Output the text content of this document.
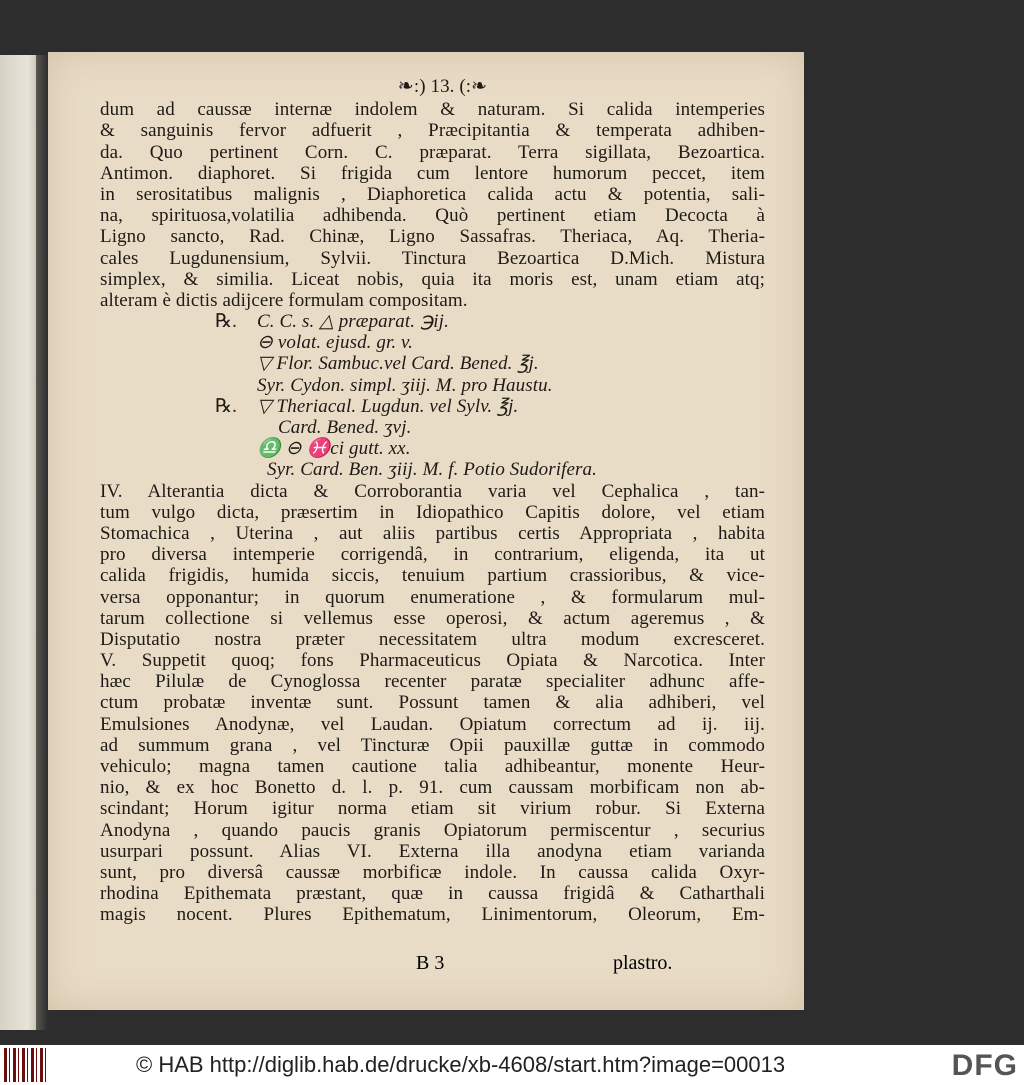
❧:) 13. (:❧
dum ad caussæ internæ indolem & naturam. Si calida intemperies
& sanguinis fervor adfuerit , Præcipitantia & temperata adhiben-
da. Quo pertinent Corn. C. præparat. Terra sigillata, Bezoartica.
Antimon. diaphoret. Si frigida cum lentore humorum peccet, item
in serositatibus malignis , Diaphoretica calida actu & potentia, sali-
na, spirituosa,volatilia adhibenda. Quò pertinent etiam Decocta à
Ligno sancto, Rad. Chinæ, Ligno Sassafras. Theriaca, Aq. Theria-
cales Lugdunensium, Sylvii. Tinctura Bezoartica D.Mich. Mistura
simplex, & similia. Liceat nobis, quia ita moris est, unam etiam atq;
alteram è dictis adijcere formulam compositam.
℞. C. C. s. △ præparat. ℈ij.
⊖ volat. ejusd. gr. v.
▽ Flor. Sambuc.vel Card. Bened. ℥j.
Syr. Cydon. simpl. ʒiij. M. pro Haustu.
℞. ▽ Theriacal. Lugdun. vel Sylv. ℥j.
Card. Bened. ʒvj.
♎ ⊖ ♓ci gutt. xx.
Syr. Card. Ben. ʒiij. M. f. Potio Sudorifera.
IV. Alterantia dicta & Corroborantia varia vel Cephalica , tan-
tum vulgo dicta, præsertim in Idiopathico Capitis dolore, vel etiam
Stomachica , Uterina , aut aliis partibus certis Appropriata , habita
pro diversa intemperie corrigendâ, in contrarium, eligenda, ita ut
calida frigidis, humida siccis, tenuium partium crassioribus, & vice-
versa opponantur; in quorum enumeratione , & formularum mul-
tarum collectione si vellemus esse operosi, & actum ageremus , &
Disputatio nostra præter necessitatem ultra modum excresceret.
V. Suppetit quoq; fons Pharmaceuticus Opiata & Narcotica. Inter
hæc Pilulæ de Cynoglossa recenter paratæ specialiter adhunc affe-
ctum probatæ inventæ sunt. Possunt tamen & alia adhiberi, vel
Emulsiones Anodynæ, vel Laudan. Opiatum correctum ad ij. iij.
ad summum grana , vel Tincturæ Opii pauxillæ guttæ in commodo
vehiculo; magna tamen cautione talia adhibeantur, monente Heur-
nio, & ex hoc Bonetto d. l. p. 91. cum caussam morbificam non ab-
scindant; Horum igitur norma etiam sit virium robur. Si Externa
Anodyna , quando paucis granis Opiatorum permiscentur , securius
usurpari possunt. Alias VI. Externa illa anodyna etiam varianda
sunt, pro diversâ caussæ morbificæ indole. In caussa calida Oxyr-
rhodina Epithemata præstant, quæ in caussa frigidâ & Catharthali
magis nocent. Plures Epithematum, Linimentorum, Oleorum, Em-
B 3	plastro.
© HAB http://diglib.hab.de/drucke/xb-4608/start.htm?image=00013	DFG
